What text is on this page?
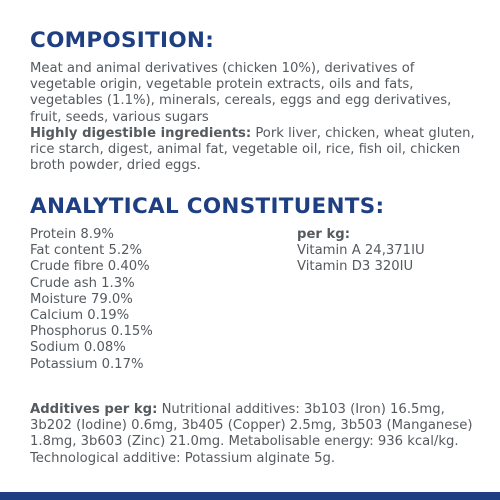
COMPOSITION:

Meat and animal derivatives (chicken 10%), derivatives of vegetable origin, vegetable protein extracts, oils and fats, vegetables (1.1%), minerals, cereals, eggs and egg derivatives, fruit, seeds, various sugars
Highly digestible ingredients: Pork liver, chicken, wheat gluten, rice starch, digest, animal fat, vegetable oil, rice, fish oil, chicken broth powder, dried eggs.

ANALYTICAL CONSTITUENTS:
Protein 8.9%
Fat content 5.2%
Crude fibre 0.40%
Crude ash 1.3%
Moisture 79.0%
Calcium 0.19%
Phosphorus 0.15%
Sodium 0.08%
Potassium 0.17%
per kg:
Vitamin A 24,371IU
Vitamin D3 320IU

Additives per kg: Nutritional additives: 3b103 (Iron) 16.5mg, 3b202 (Iodine) 0.6mg, 3b405 (Copper) 2.5mg, 3b503 (Manganese) 1.8mg, 3b603 (Zinc) 21.0mg. Metabolisable energy: 936 kcal/kg. Technological additive: Potassium alginate 5g.
